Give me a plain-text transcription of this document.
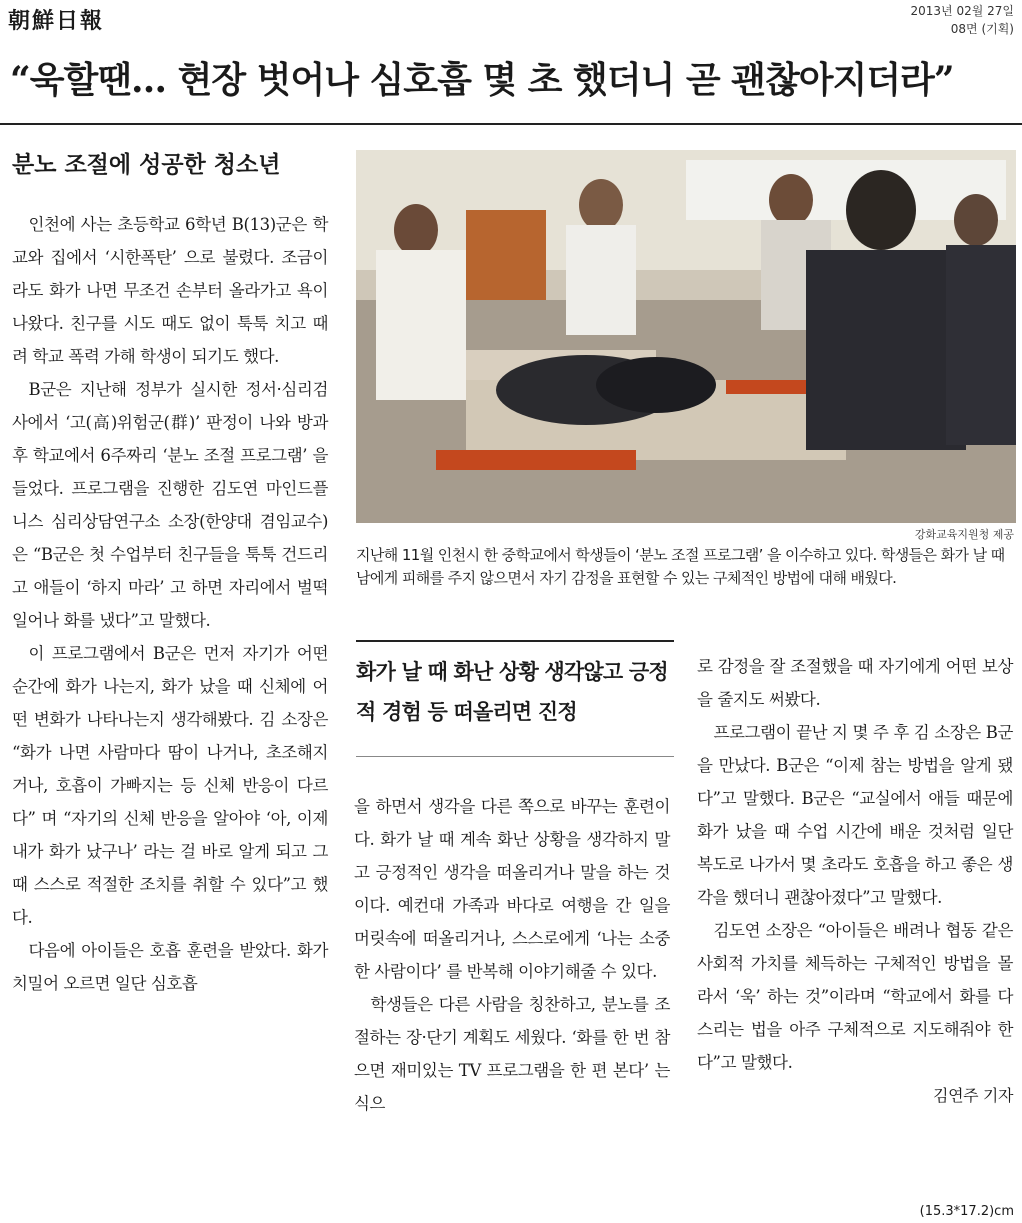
朝鮮日報	2013년 02월 27일
08면 (기획)
“욱할땐… 현장 벗어나 심호흡 몇 초 했더니 곧 괜찮아지더라”
분노 조절에 성공한 청소년

인천에 사는 초등학교 6학년 B(13)군은 학교와 집에서 ‘시한폭탄’ 으로 불렸다. 조금이라도 화가 나면 무조건 손부터 올라가고 욕이 나왔다. 친구를 시도 때도 없이 툭툭 치고 때려 학교 폭력 가해 학생이 되기도 했다.

B군은 지난해 정부가 실시한 정서·심리검사에서 ‘고(高)위험군(群)’ 판정이 나와 방과 후 학교에서 6주짜리 ‘분노 조절 프로그램’ 을 들었다. 프로그램을 진행한 김도연 마인드플니스 심리상담연구소 소장(한양대 겸임교수)은 “B군은 첫 수업부터 친구들을 툭툭 건드리고 애들이 ‘하지 마라’ 고 하면 자리에서 벌떡 일어나 화를 냈다”고 말했다.

이 프로그램에서 B군은 먼저 자기가 어떤 순간에 화가 나는지, 화가 났을 때 신체에 어떤 변화가 나타나는지 생각해봤다. 김 소장은 “화가 나면 사람마다 땀이 나거나, 초조해지거나, 호흡이 가빠지는 등 신체 반응이 다르다” 며 “자기의 신체 반응을 알아야 ‘아, 이제 내가 화가 났구나’ 라는 걸 바로 알게 되고 그때 스스로 적절한 조치를 취할 수 있다”고 했다.

다음에 아이들은 호흡 훈련을 받았다. 화가 치밀어 오르면 일단 심호흡

강화교육지원청 제공
지난해 11월 인천시 한 중학교에서 학생들이 ‘분노 조절 프로그램’ 을 이수하고 있다. 학생들은 화가 날 때 남에게 피해를 주지 않으면서 자기 감정을 표현할 수 있는 구체적인 방법에 대해 배웠다.
화가 날 때 화난 상황 생각않고 긍정적 경험 등 떠올리면 진정

을 하면서 생각을 다른 쪽으로 바꾸는 훈련이다. 화가 날 때 계속 화난 상황을 생각하지 말고 긍정적인 생각을 떠올리거나 말을 하는 것이다. 예컨대 가족과 바다로 여행을 간 일을 머릿속에 떠올리거나, 스스로에게 ‘나는 소중한 사람이다’ 를 반복해 이야기해줄 수 있다.

학생들은 다른 사람을 칭찬하고, 분노를 조절하는 장·단기 계획도 세웠다. ‘화를 한 번 참으면 재미있는 TV 프로그램을 한 편 본다’ 는 식으

로 감정을 잘 조절했을 때 자기에게 어떤 보상을 줄지도 써봤다.

프로그램이 끝난 지 몇 주 후 김 소장은 B군을 만났다. B군은 “이제 참는 방법을 알게 됐다”고 말했다. B군은 “교실에서 애들 때문에 화가 났을 때 수업 시간에 배운 것처럼 일단 복도로 나가서 몇 초라도 호흡을 하고 좋은 생각을 했더니 괜찮아졌다”고 말했다.

김도연 소장은 “아이들은 배려나 협동 같은 사회적 가치를 체득하는 구체적인 방법을 몰라서 ‘욱’ 하는 것”이라며 “학교에서 화를 다스리는 법을 아주 구체적으로 지도해줘야 한다”고 말했다.

김연주 기자
(15.3*17.2)cm
